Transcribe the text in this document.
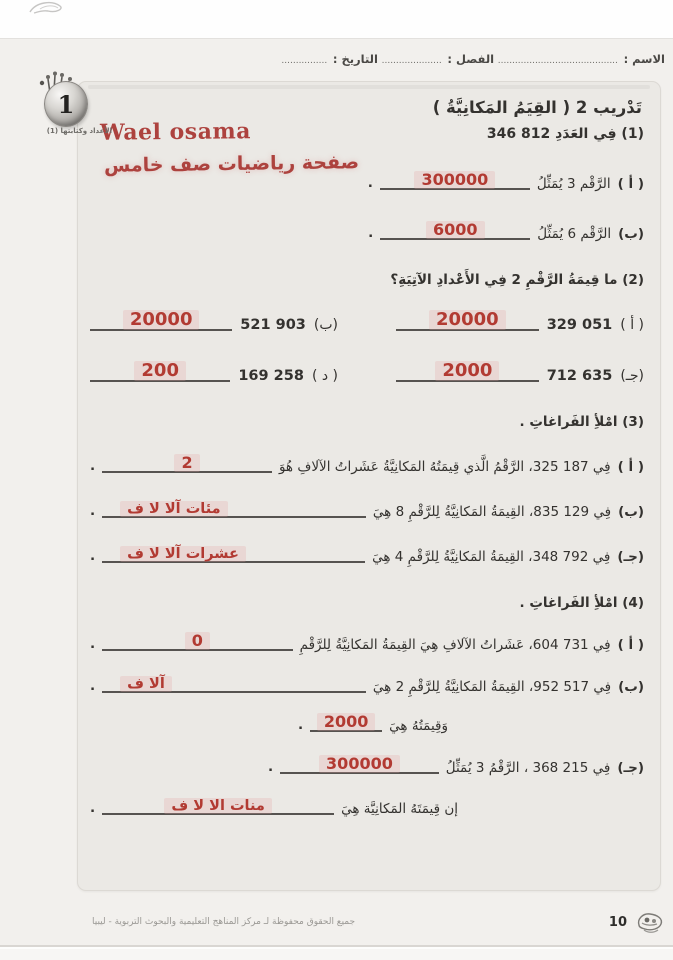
الاسم : .......................................... الفصل : ..................... التاريخ : ................
1
الأعداد وكتابتها (1)
Wael osama
صفحة رياضيات صف خامس
تَدْريب 2 ( القِيَمُ المَكانِيَّةُ )
(1) فِي العَدَدِ 346 812
( أ )
الرَّقْم 3 يُمَثِّلُ
300000
.
(ب)
الرَّقْم 6 يُمَثِّلُ
6000
.
(2) ما قِيمَةُ الرَّقْمِ 2 فِي الأَعْدادِ الآتِيَةِ؟
( أ )
329 051
20000
(ب)
521 903
20000
(جـ)
712 635
2000
( د )
169 258
200
(3) امْلأِ الفَراغاتِ .
( أ )
فِي ⁦325 187⁩، الرَّقْمُ الَّذي قِيمَتُهُ المَكانِيَّةُ عَشَراتُ الآلافِ هُوَ
2
.
(ب)
فِي ⁦835 129⁩، القِيمَةُ المَكانِيَّةُ لِلرَّقْمِ 8 هِيَ
مئات آلا لا ف
.
(جـ)
فِي ⁦348 792⁩، القِيمَةُ المَكانِيَّةُ لِلرَّقْمِ 4 هِيَ
عشرات آلا لا ف
.
(4) امْلأِ الفَراغاتِ .
( أ )
فِي ⁦604 731⁩، عَشَراتُ الآلافِ هِيَ القِيمَةُ المَكانِيَّةُ لِلرَّقْمِ
0
.
(ب)
فِي ⁦952 517⁩، القِيمَةُ المَكانِيَّةُ لِلرَّقْمِ 2 هِيَ
آلا ف
.
وَقِيمَتُهُ هِيَ
2000
.
(جـ)
فِي ⁦368 215⁩ ، الرَّقْمُ 3 يُمَثِّلُ
300000
.
إن قِيمَتَهُ المَكانِيَّة هِيَ
منات الا لا ف
.
جميع الحقوق محفوظة لـ مركز المناهج التعليمية والبحوث التربوية - ليبيا	10
